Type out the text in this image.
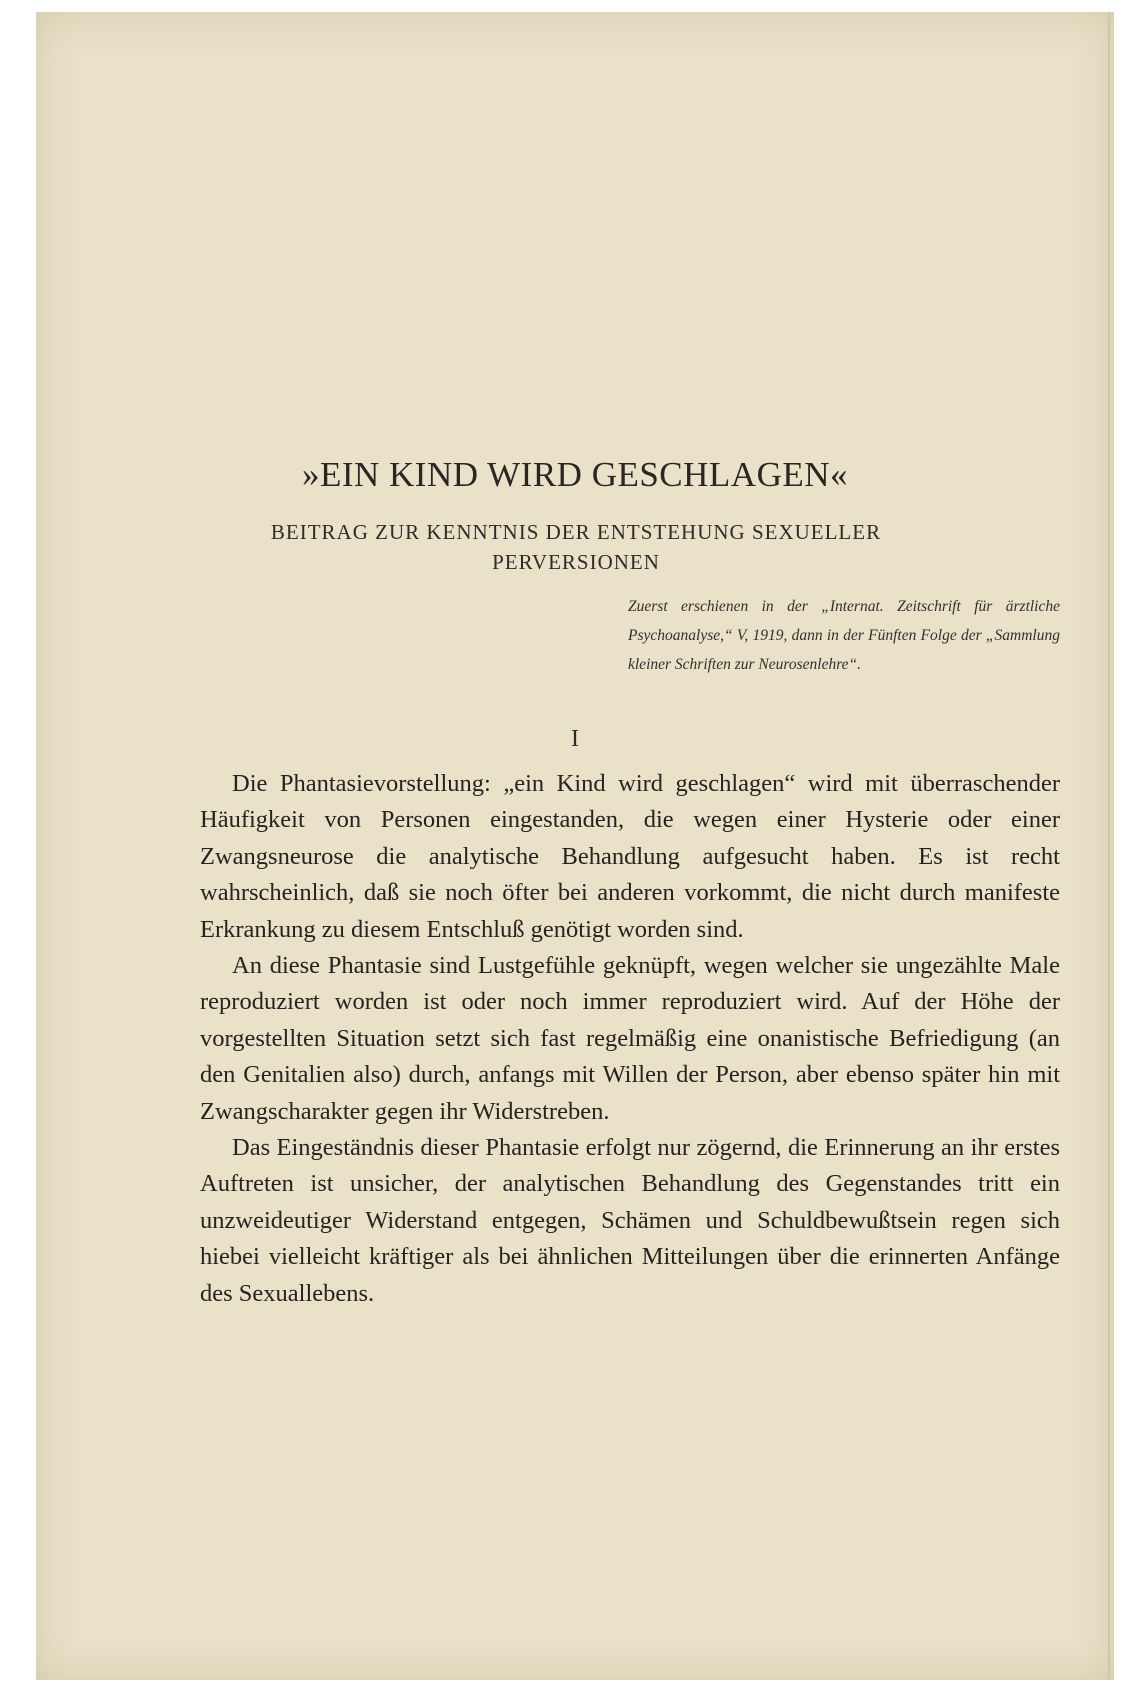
»EIN KIND WIRD GESCHLAGEN«
BEITRAG ZUR KENNTNIS DER ENTSTEHUNG SEXUELLER PERVERSIONEN
Zuerst erschienen in der „Internat. Zeitschrift für ärztliche Psychoanalyse,“ V, 1919, dann in der Fünften Folge der „Sammlung kleiner Schriften zur Neurosenlehre“.
I

Die Phantasievorstellung: „ein Kind wird geschlagen“ wird mit überraschender Häufigkeit von Personen eingestanden, die wegen einer Hysterie oder einer Zwangsneurose die analytische Behandlung aufgesucht haben. Es ist recht wahrscheinlich, daß sie noch öfter bei anderen vorkommt, die nicht durch manifeste Erkrankung zu diesem Entschluß genötigt worden sind.

An diese Phantasie sind Lustgefühle geknüpft, wegen welcher sie ungezählte Male reproduziert worden ist oder noch immer reproduziert wird. Auf der Höhe der vorgestellten Situation setzt sich fast regelmäßig eine onanistische Befriedigung (an den Genitalien also) durch, anfangs mit Willen der Person, aber ebenso später hin mit Zwangscharakter gegen ihr Widerstreben.

Das Eingeständnis dieser Phantasie erfolgt nur zögernd, die Erinnerung an ihr erstes Auftreten ist unsicher, der analytischen Behandlung des Gegenstandes tritt ein unzweideutiger Widerstand entgegen, Schämen und Schuldbewußtsein regen sich hiebei vielleicht kräftiger als bei ähnlichen Mitteilungen über die erinnerten Anfänge des Sexuallebens.
